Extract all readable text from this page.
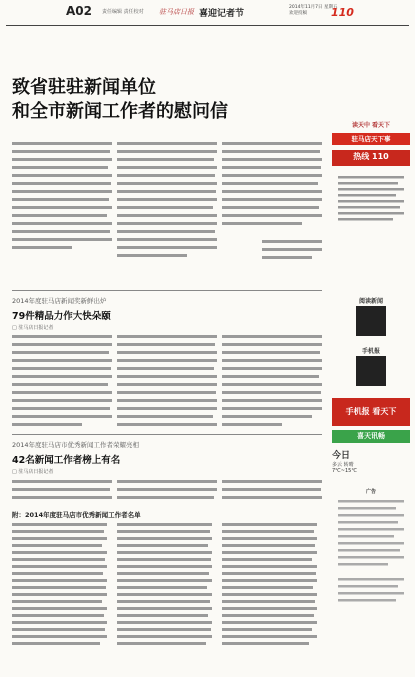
A02 责任编辑 责任校对 驻马店日报 喜迎记者节
2014年11月7日 星期五
欢迎投稿	110
致省驻驻新闻单位
和全市新闻工作者的慰问信
2014年度驻马店新闻奖新鲜出炉
79件精品力作大快朵颐
□ 驻马店日报记者
2014年度驻马店市优秀新闻工作者荣耀亮相
42名新闻工作者榜上有名
□ 驻马店日报记者
附：2014年度驻马店市优秀新闻工作者名单
读天中 看天下
驻马店天下事
热线 110
阅读新闻
手机报
手机报 看天下
喜天讯畅
今日
多云 转晴
7℃~15℃
广告
